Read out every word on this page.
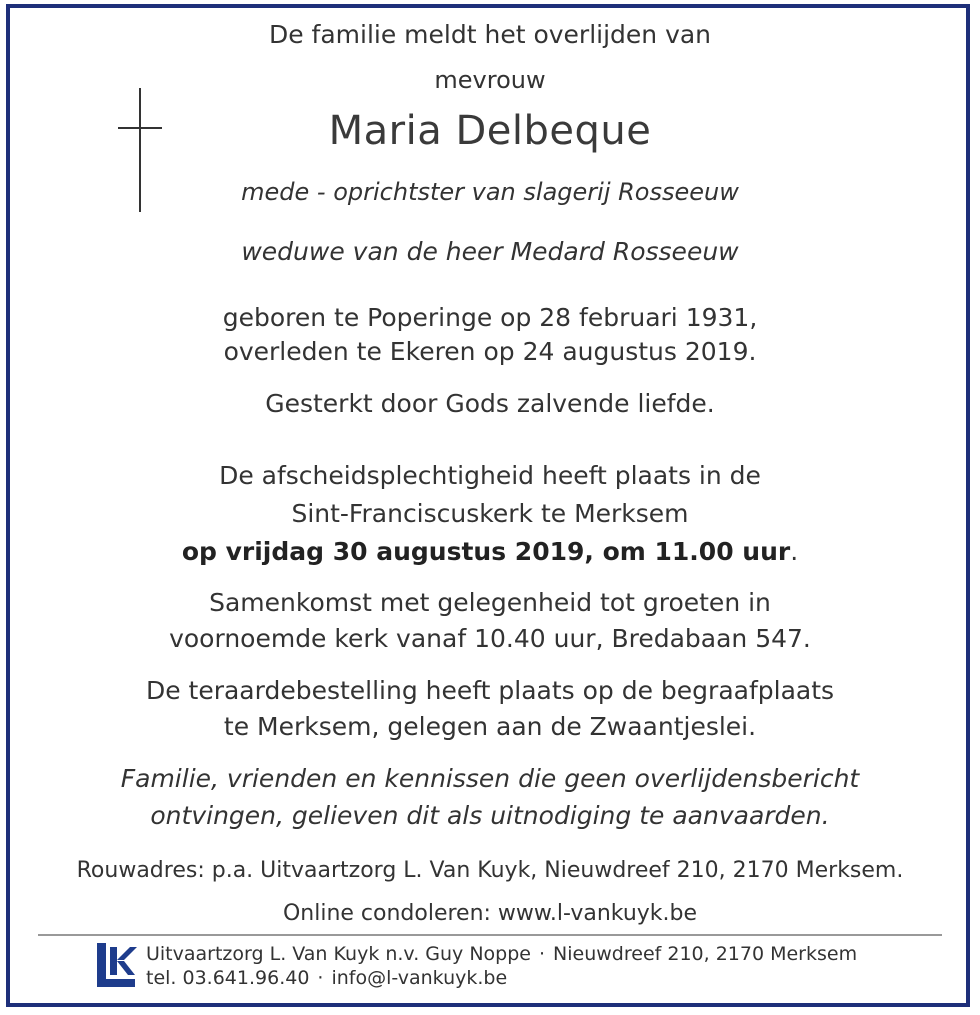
De familie meldt het overlijden van
mevrouw
Maria Delbeque
mede - oprichtster van slagerij Rosseeuw
weduwe van de heer Medard Rosseeuw
geboren te Poperinge op 28 februari 1931,
overleden te Ekeren op 24 augustus 2019.
Gesterkt door Gods zalvende liefde.
De afscheidsplechtigheid heeft plaats in de
Sint-Franciscuskerk te Merksem
op vrijdag 30 augustus 2019, om 11.00 uur.
Samenkomst met gelegenheid tot groeten in
voornoemde kerk vanaf 10.40 uur, Bredabaan 547.
De teraardebestelling heeft plaats op de begraafplaats
te Merksem, gelegen aan de Zwaantjeslei.
Familie, vrienden en kennissen die geen overlijdensbericht
ontvingen, gelieven dit als uitnodiging te aanvaarden.
Rouwadres: p.a. Uitvaartzorg L. Van Kuyk, Nieuwdreef 210, 2170 Merksem.
Online condoleren: www.l-vankuyk.be
Uitvaartzorg L. Van Kuyk n.v. Guy Noppe · Nieuwdreef 210, 2170 Merksem
tel. 03.641.96.40 · info@l-vankuyk.be
